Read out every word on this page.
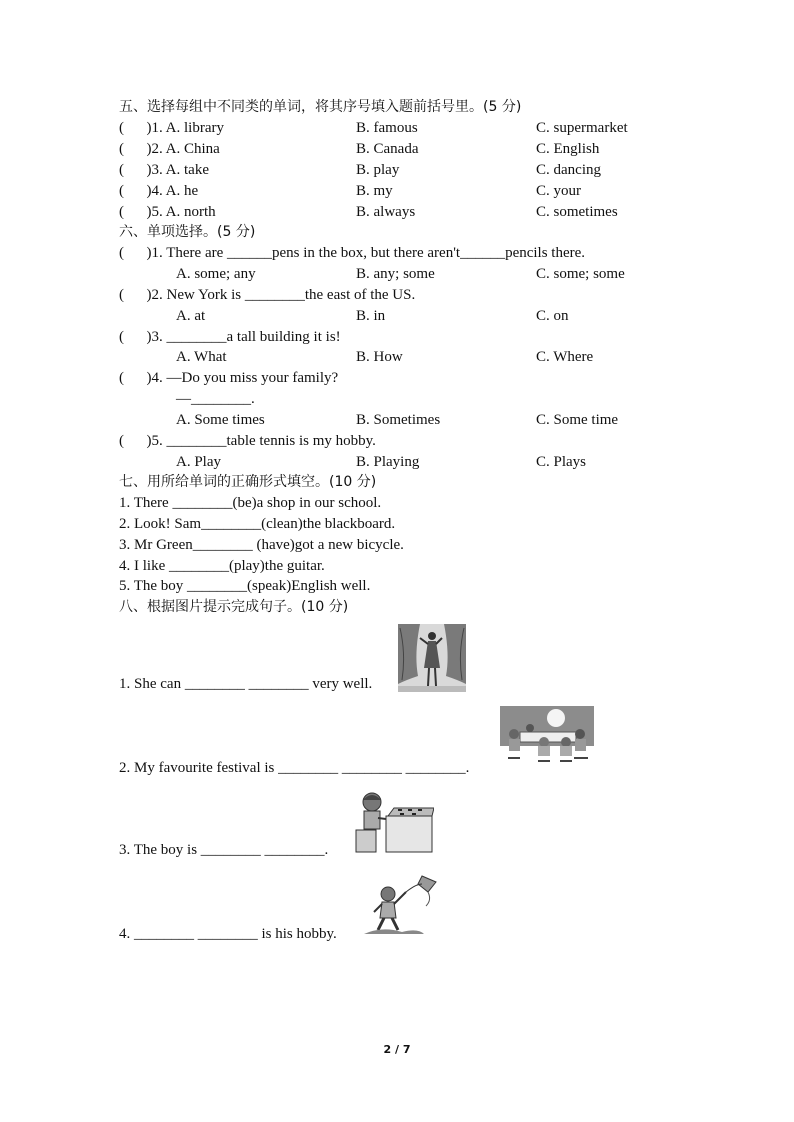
五、选择每组中不同类的单词，将其序号填入题前括号里。(5 分)
(      )1. A. library	B. famous	C. supermarket
(      )2. A. China	B. Canada	C. English
(      )3. A. take	B. play	C. dancing
(      )4. A. he	B. my	C. your
(      )5. A. north	B. always	C. sometimes
六、单项选择。(5 分)
(      )1. There are ______pens in the box, but there aren't______pencils there.
A. some; any	B. any; some	C. some; some
(      )2. New York is ________the east of the US.
A. at	B. in	C. on
(      )3. ________a tall building it is!
A. What	B. How	C. Where
(      )4. —Do you miss your family?
—________.
A. Some times	B. Sometimes	C. Some time
(      )5. ________table tennis is my hobby.
A. Play	B. Playing	C. Plays
七、用所给单词的正确形式填空。(10 分)
1. There ________(be)a shop in our school.
2. Look! Sam________(clean)the blackboard.
3. Mr Green________ (have)got a new bicycle.
4. I like ________(play)the guitar.
5. The boy ________(speak)English well.
八、根据图片提示完成句子。(10 分)
1. She can ________ ________ very well.
2. My favourite festival is ________ ________ ________.
3. The boy is ________ ________.
4. ________ ________ is his hobby.
2 / 7
